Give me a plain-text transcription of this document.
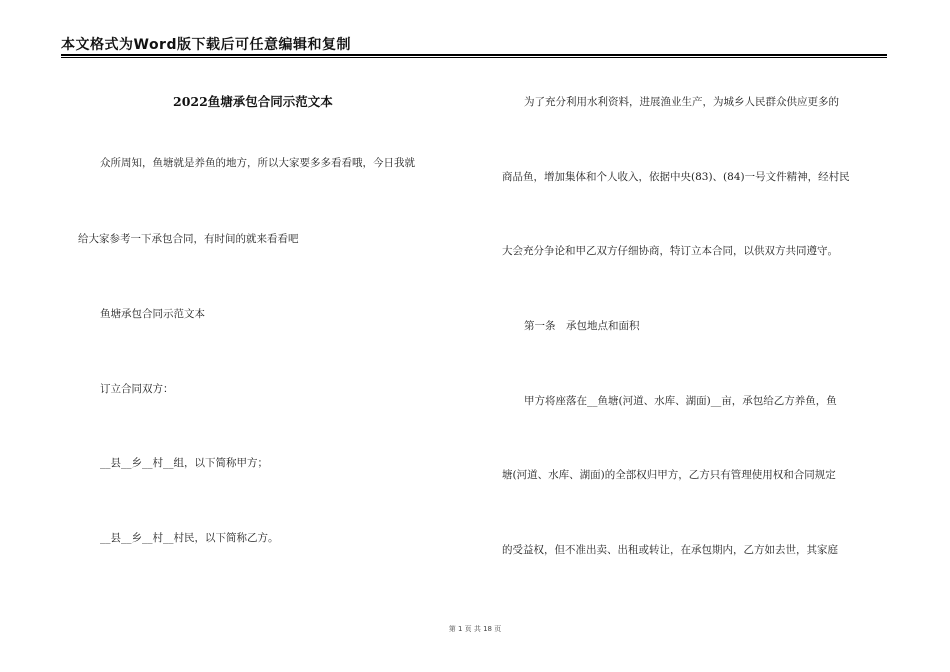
本文格式为Word版下载后可任意编辑和复制
2022鱼塘承包合同示范文本
众所周知，鱼塘就是养鱼的地方，所以大家要多多看看哦，今日我就
给大家参考一下承包合同，有时间的就来看看吧
鱼塘承包合同示范文本
订立合同双方：
__县__乡__村__组，以下简称甲方；
__县__乡__村__村民，以下简称乙方。
为了充分利用水利资料，进展渔业生产，为城乡人民群众供应更多的
商品鱼，增加集体和个人收入，依据中央(83)、(84)一号文件精神，经村民
大会充分争论和甲乙双方仔细协商，特订立本合同，以供双方共同遵守。
第一条　承包地点和面积
甲方将座落在__鱼塘(河道、水库、湖面)__亩，承包给乙方养鱼，鱼
塘(河道、水库、湖面)的全部权归甲方，乙方只有管理使用权和合同规定
的受益权，但不准出卖、出租或转让，在承包期内，乙方如去世，其家庭
第 1 页 共 18 页
